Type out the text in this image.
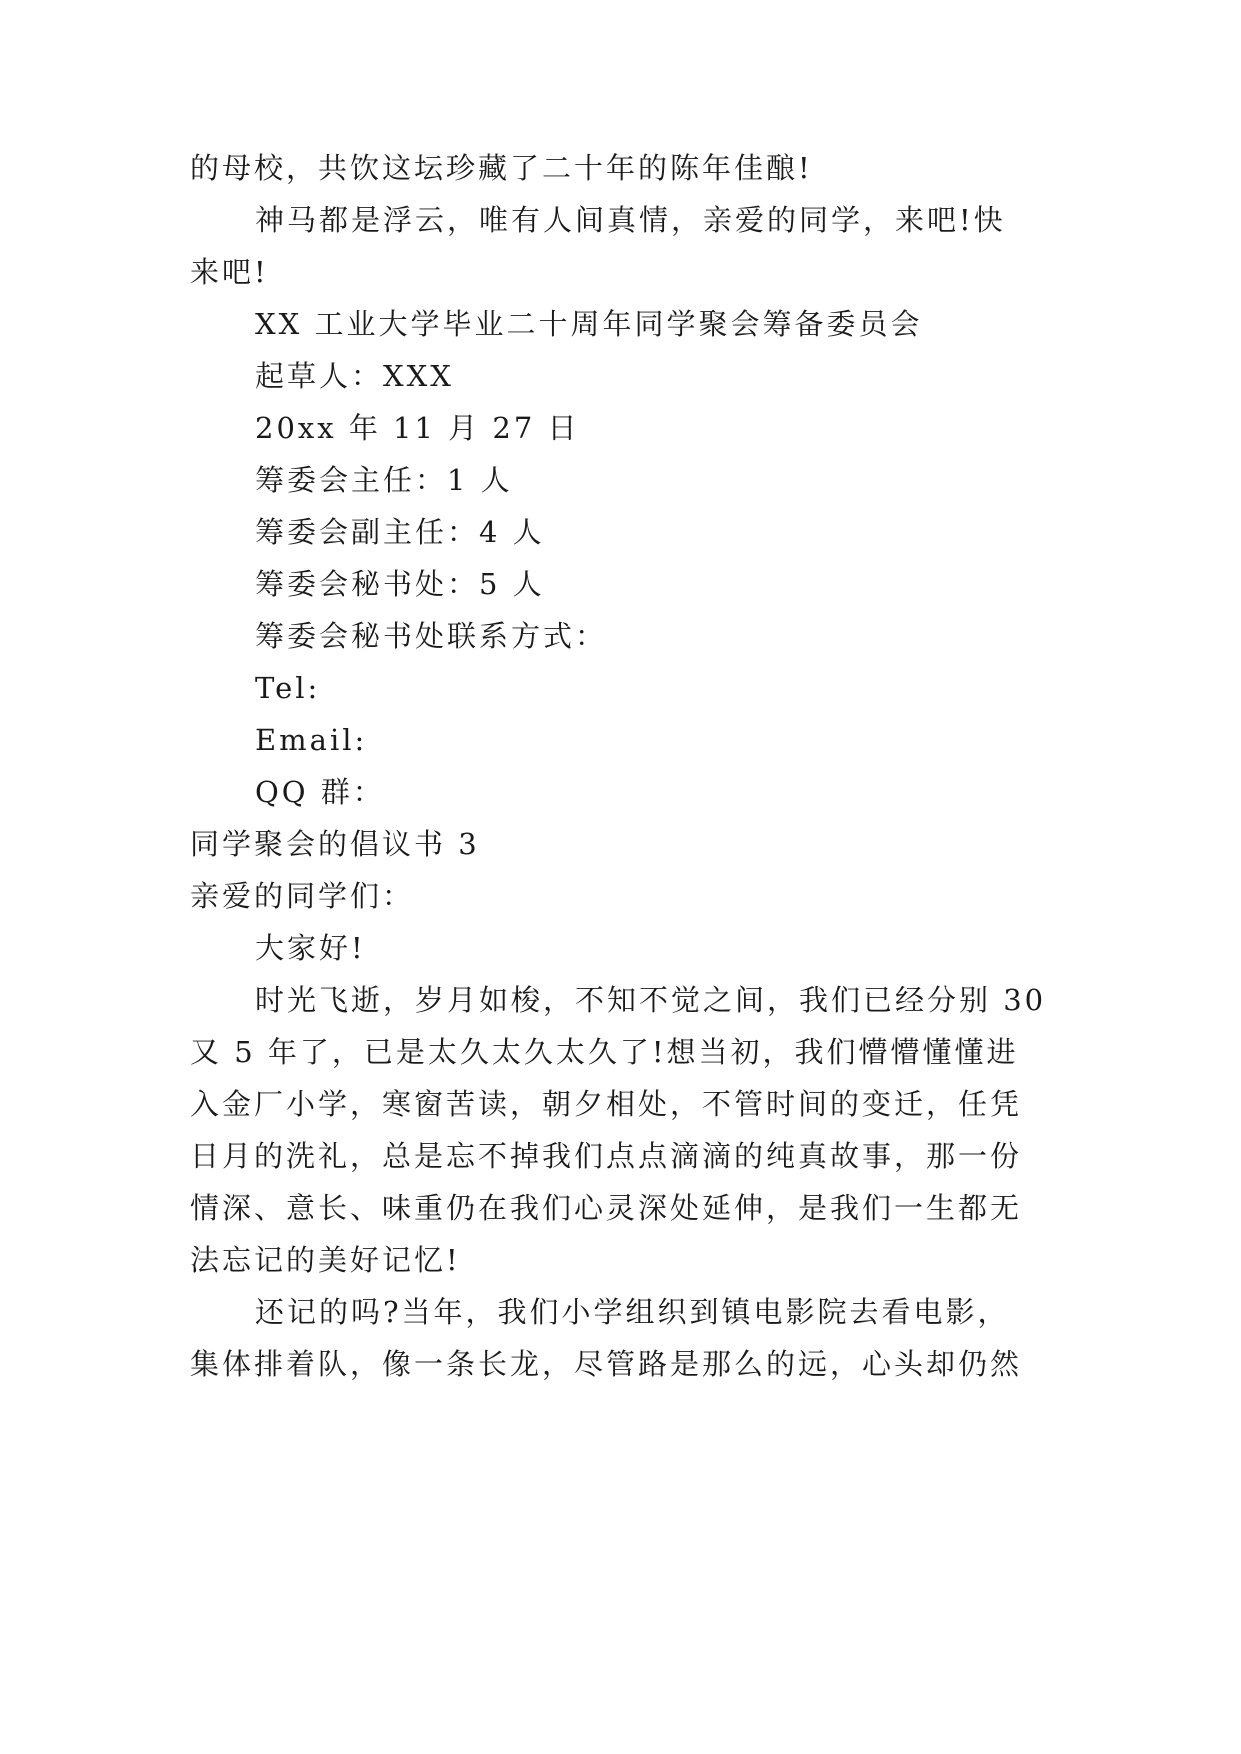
的母校，共饮这坛珍藏了二十年的陈年佳酿!
神马都是浮云，唯有人间真情，亲爱的同学，来吧!快
来吧!
XX 工业大学毕业二十周年同学聚会筹备委员会
起草人：XXX
20xx 年 11 月 27 日
筹委会主任：1 人
筹委会副主任：4 人
筹委会秘书处：5 人
筹委会秘书处联系方式：
Tel:
Email:
QQ 群：
同学聚会的倡议书 3
亲爱的同学们：
大家好!
时光飞逝，岁月如梭，不知不觉之间，我们已经分别 30
又 5 年了，已是太久太久太久了!想当初，我们懵懵懂懂进
入金厂小学，寒窗苦读，朝夕相处，不管时间的变迁，任凭
日月的洗礼，总是忘不掉我们点点滴滴的纯真故事，那一份
情深、意长、味重仍在我们心灵深处延伸，是我们一生都无
法忘记的美好记忆!
还记的吗?当年，我们小学组织到镇电影院去看电影，
集体排着队，像一条长龙，尽管路是那么的远，心头却仍然
